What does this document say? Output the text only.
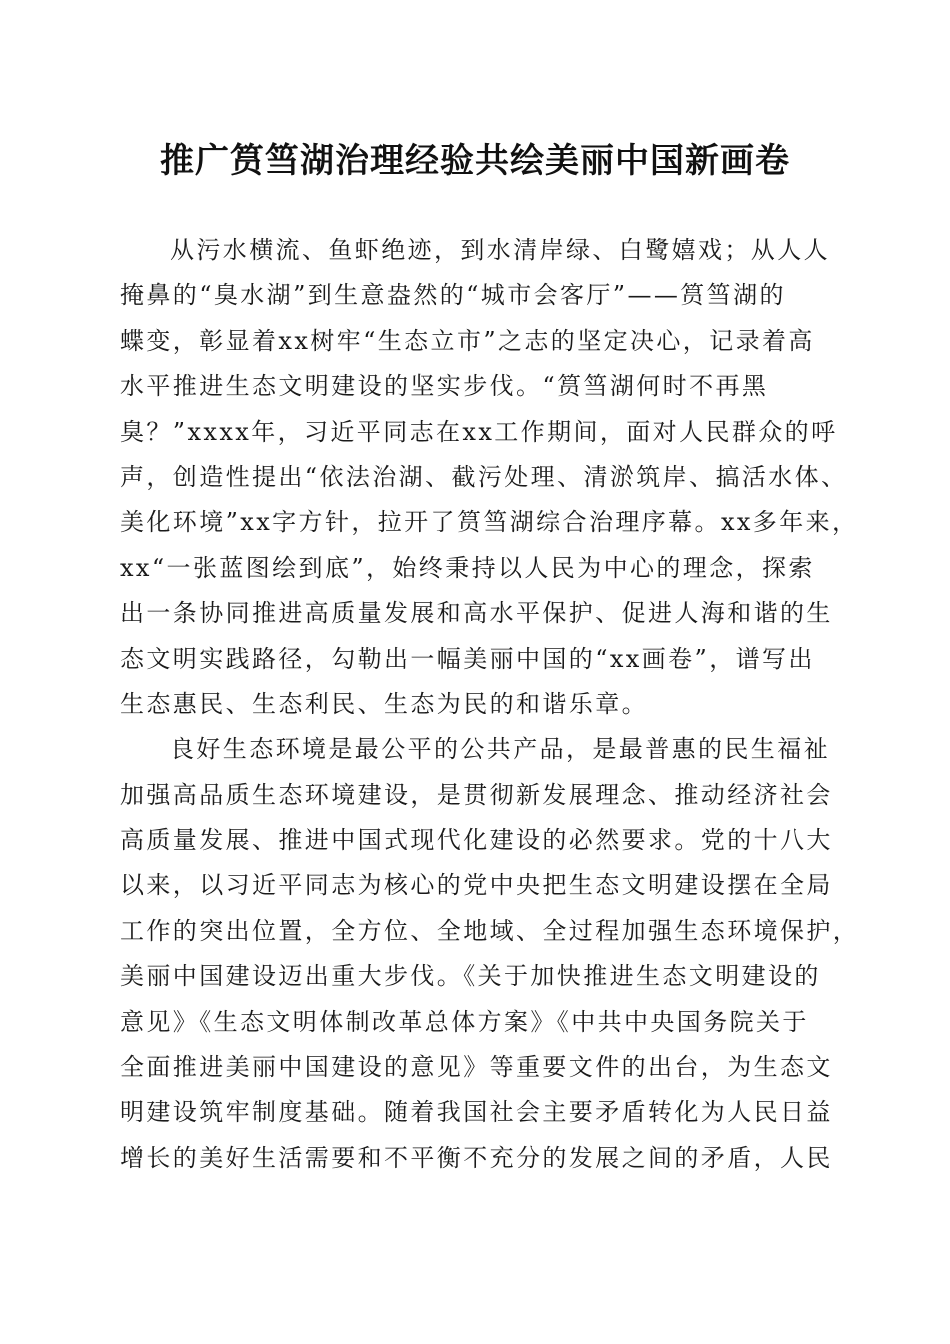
推广筼筜湖治理经验共绘美丽中国新画卷
从污水横流、鱼虾绝迹，到水清岸绿、白鹭嬉戏；从人人
掩鼻的“臭水湖”到生意盎然的“城市会客厅”——筼筜湖的
蝶变，彰显着xx树牢“生态立市”之志的坚定决心，记录着高
水平推进生态文明建设的坚实步伐。“筼筜湖何时不再黑
臭？”xxxx年，习近平同志在xx工作期间，面对人民群众的呼
声，创造性提出“依法治湖、截污处理、清淤筑岸、搞活水体、
美化环境”xx字方针，拉开了筼筜湖综合治理序幕。xx多年来，
xx“一张蓝图绘到底”，始终秉持以人民为中心的理念，探索
出一条协同推进高质量发展和高水平保护、促进人海和谐的生
态文明实践路径，勾勒出一幅美丽中国的“xx画卷”，谱写出
生态惠民、生态利民、生态为民的和谐乐章。
良好生态环境是最公平的公共产品，是最普惠的民生福祉
加强高品质生态环境建设，是贯彻新发展理念、推动经济社会
高质量发展、推进中国式现代化建设的必然要求。党的十八大
以来，以习近平同志为核心的党中央把生态文明建设摆在全局
工作的突出位置，全方位、全地域、全过程加强生态环境保护，
美丽中国建设迈出重大步伐。《关于加快推进生态文明建设的
意见》《生态文明体制改革总体方案》《中共中央国务院关于
全面推进美丽中国建设的意见》等重要文件的出台，为生态文
明建设筑牢制度基础。随着我国社会主要矛盾转化为人民日益
增长的美好生活需要和不平衡不充分的发展之间的矛盾，人民
